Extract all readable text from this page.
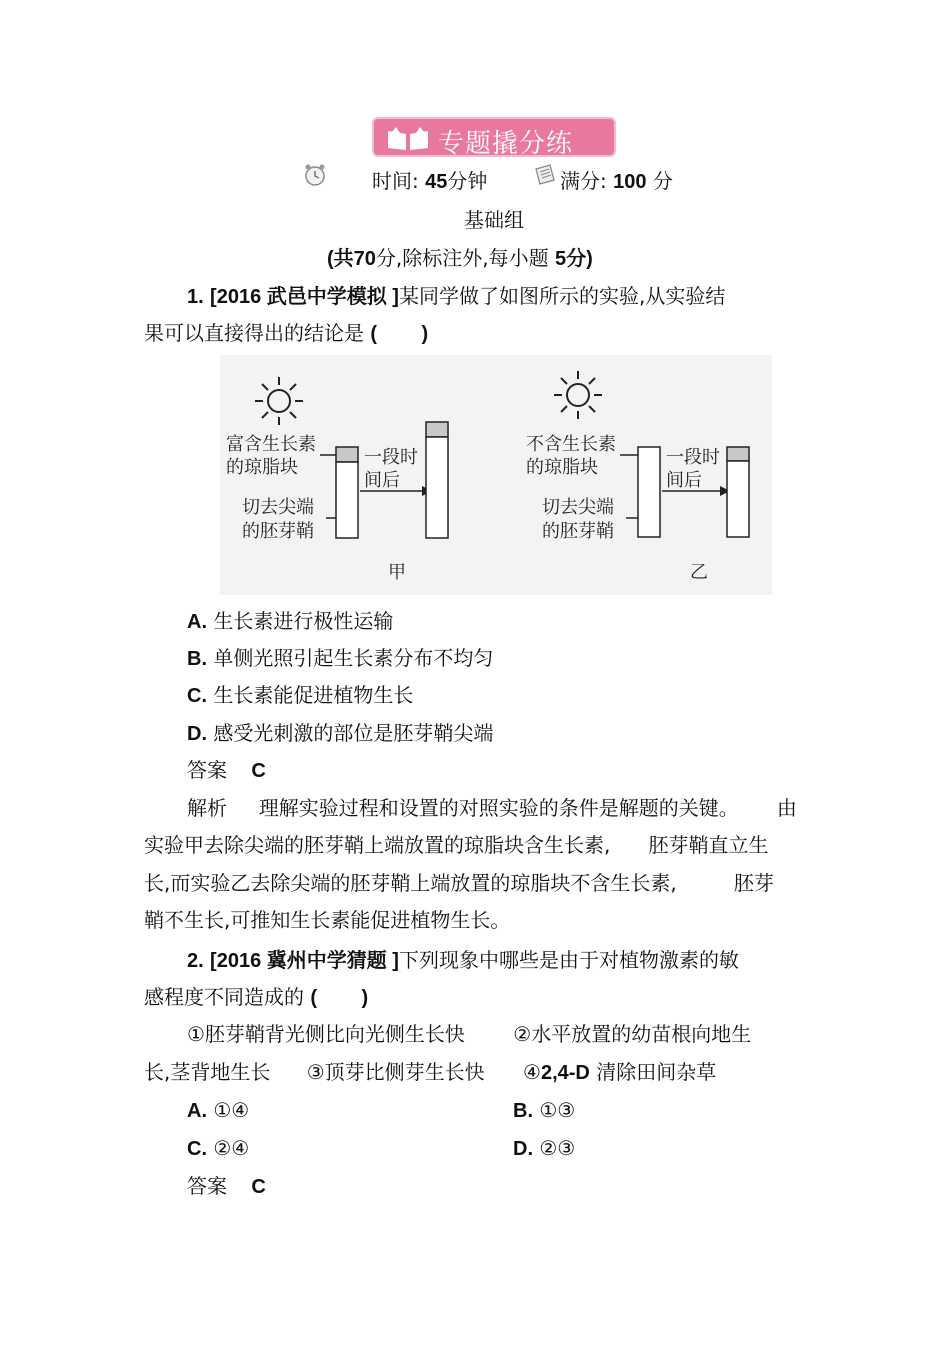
专题撬分练
时间: 45分钟	满分: 100 分
基础组
(共70分,除标注外,每小题 5分)
1. [2016 武邑中学模拟 ]某同学做了如图所示的实验,从实验结
果可以直接得出的结论是 (        )
富含生长素
的琼脂块
切去尖端
的胚芽鞘
一段时
间后
甲
不含生长素
的琼脂块
切去尖端
的胚芽鞘
一段时
间后
乙
A. 生长素进行极性运输
B. 单侧光照引起生长素分布不均匀
C. 生长素能促进植物生长
D. 感受光刺激的部位是胚芽鞘尖端
答案 C
解析     理解实验过程和设置的对照实验的条件是解题的关键。      由
实验甲去除尖端的胚芽鞘上端放置的琼脂块含生长素,      胚芽鞘直立生
长,而实验乙去除尖端的胚芽鞘上端放置的琼脂块不含生长素,         胚芽
鞘不生长,可推知生长素能促进植物生长。
2. [2016 冀州中学猜题 ]下列现象中哪些是由于对植物激素的敏
感程度不同造成的 (        )
①胚芽鞘背光侧比向光侧生长快 ②水平放置的幼苗根向地生
长,茎背地生长 ③顶芽比侧芽生长快 ④2,4-D 清除田间杂草
A. ①④	B. ①③
C. ②④	D. ②③
答案 C
